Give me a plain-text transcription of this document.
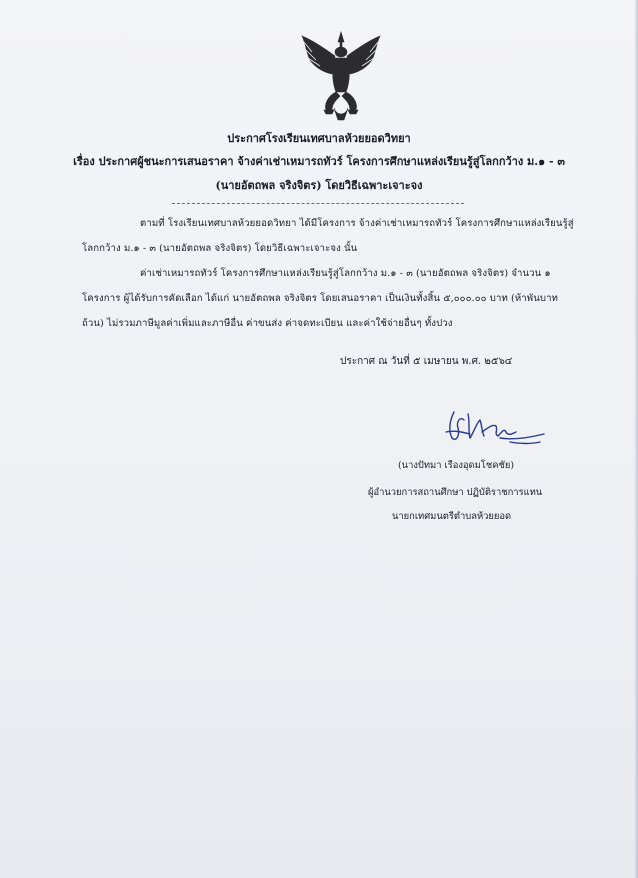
ประกาศโรงเรียนเทศบาลห้วยยอดวิทยา
เรื่อง ประกาศผู้ชนะการเสนอราคา จ้างค่าเช่าเหมารถทัวร์ โครงการศึกษาแหล่งเรียนรู้สู่โลกกว้าง ม.๑ - ๓
(นายอัตถพล จริงจิตร) โดยวิธีเฉพาะเจาะจง
ตามที่ โรงเรียนเทศบาลห้วยยอดวิทยา ได้มีโครงการ จ้างค่าเช่าเหมารถทัวร์ โครงการศึกษาแหล่งเรียนรู้สู่
โลกกว้าง ม.๑ - ๓ (นายอัตถพล จริงจิตร) โดยวิธีเฉพาะเจาะจง นั้น
ค่าเช่าเหมารถทัวร์ โครงการศึกษาแหล่งเรียนรู้สู่โลกกว้าง ม.๑ - ๓ (นายอัตถพล จริงจิตร) จำนวน ๑
โครงการ ผู้ได้รับการคัดเลือก ได้แก่ นายอัตถพล จริงจิตร โดยเสนอราคา เป็นเงินทั้งสิ้น ๕,๐๐๐.๐๐ บาท (ห้าพันบาท
ถ้วน) ไม่รวมภาษีมูลค่าเพิ่มและภาษีอื่น ค่าขนส่ง ค่าจดทะเบียน และค่าใช้จ่ายอื่นๆ ทั้งปวง
ประกาศ ณ วันที่ ๕ เมษายน พ.ศ. ๒๕๖๔
(นางปัทมา เรืองอุดมโชคชัย)
ผู้อำนวยการสถานศึกษา ปฏิบัติราชการแทน
นายกเทศมนตรีตำบลห้วยยอด
